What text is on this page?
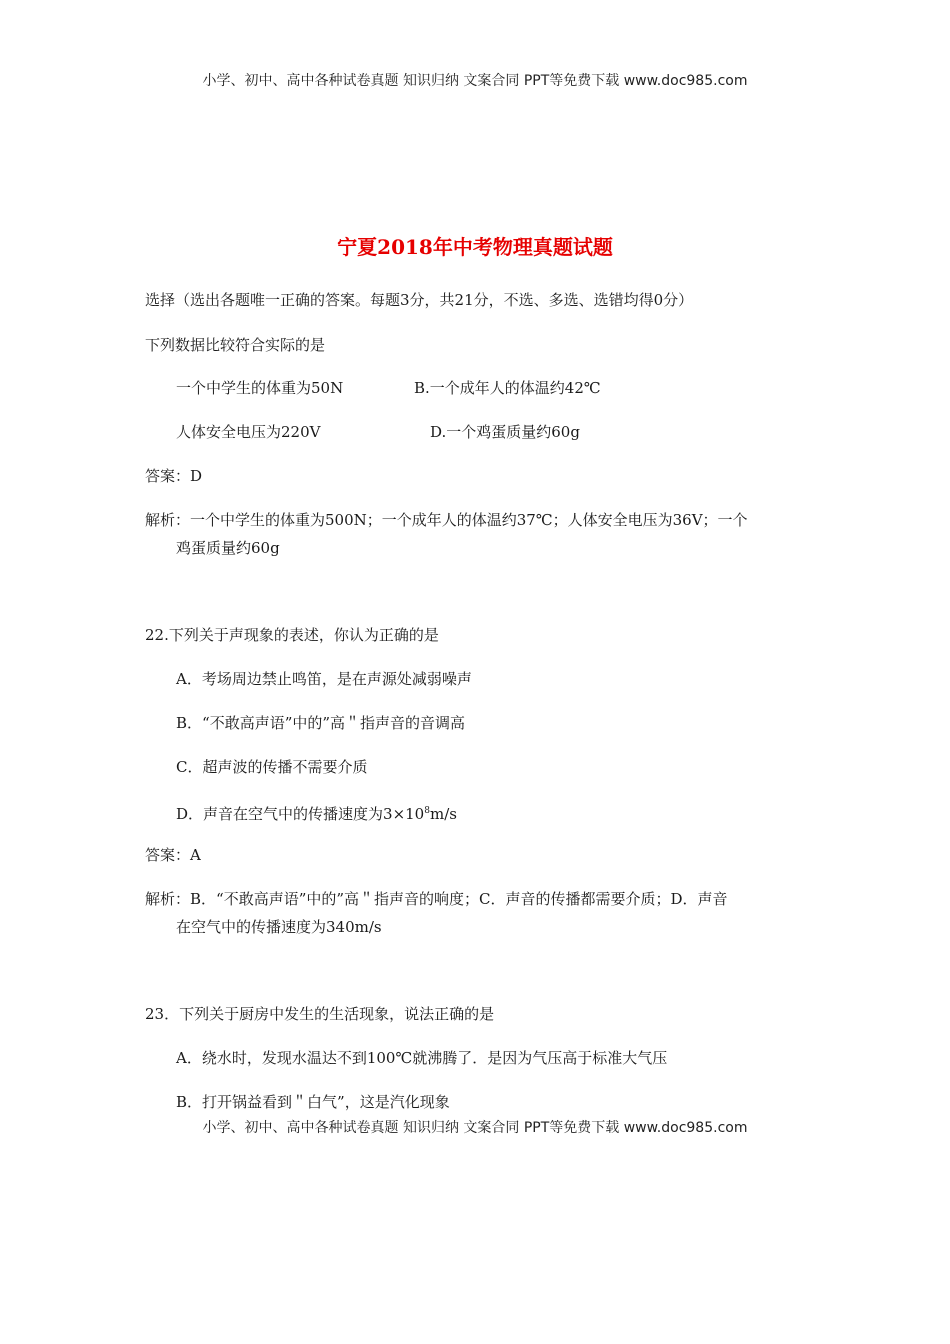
小学、初中、高中各种试卷真题 知识归纳 文案合同 PPT等免费下载 www.doc985.com
宁夏2018年中考物理真题试题
选择（选出各题唯一正确的答案。每题3分，共21分，不选、多选、选错均得0分）
下列数据比较符合实际的是
一个中学生的体重为50N	B.一个成年人的体温约42℃
人体安全电压为220V	D.一个鸡蛋质量约60g
答案：D
解析：一个中学生的体重为500N；一个成年人的体温约37℃；人体安全电压为36V；一个
鸡蛋质量约60g
22.下列关于声现象的表述，你认为正确的是
A．考场周边禁止鸣笛，是在声源处减弱噪声
B．“不敢高声语”中的”高＂指声音的音调高
C．超声波的传播不需要介质
D．声音在空气中的传播速度为$3\times 10^8m/s$
答案：A
解析：B．“不敢高声语”中的”高＂指声音的响度；C．声音的传播都需要介质；D．声音
在空气中的传播速度为340m/s
23．下列关于厨房中发生的生活现象，说法正确的是
A．绕水时，发现水温达不到100℃就沸腾了．是因为气压高于标准大气压
B．打开锅益看到＂白气”，这是汽化现象
小学、初中、高中各种试卷真题 知识归纳 文案合同 PPT等免费下载 www.doc985.com
